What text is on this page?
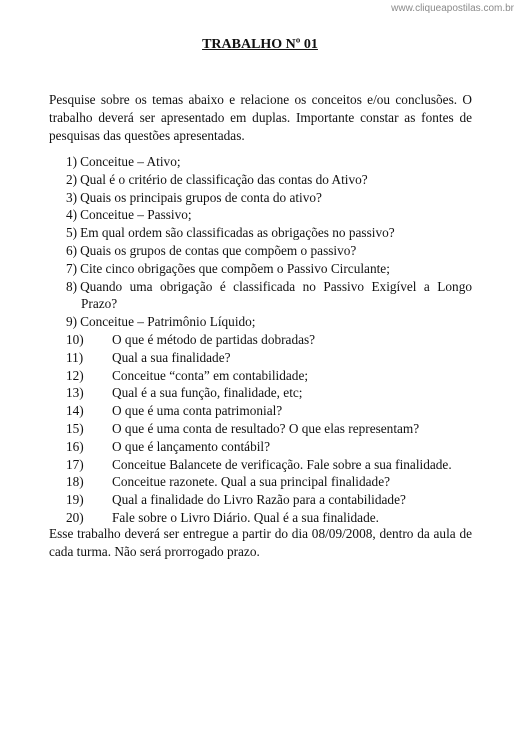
www.cliqueapostilas.com.br
TRABALHO Nº 01

Pesquise sobre os temas abaixo e relacione os conceitos e/ou conclusões. O trabalho deverá ser apresentado em duplas. Importante constar as fontes de pesquisas das questões apresentadas.

1) Conceitue – Ativo;
2) Qual é o critério de classificação das contas do Ativo?
3) Quais os principais grupos de conta do ativo?
4) Conceitue – Passivo;
5) Em qual ordem são classificadas as obrigações no passivo?
6) Quais os grupos de contas que compõem o passivo?
7) Cite cinco obrigações que compõem o Passivo Circulante;
8) Quando uma obrigação é classificada no Passivo Exigível a Longo Prazo?
9) Conceitue – Patrimônio Líquido;
10)	O que é método de partidas dobradas?
11)	Qual a sua finalidade?
12)	Conceitue “conta” em contabilidade;
13)	Qual é a sua função, finalidade, etc;
14)	O que é uma conta patrimonial?
15)	O que é uma conta de resultado? O que elas representam?
16)	O que é lançamento contábil?
17)	Conceitue Balancete de verificação. Fale sobre a sua finalidade.
18)	Conceitue razonete. Qual a sua principal finalidade?
19)	Qual a finalidade do Livro Razão para a contabilidade?
20)	Fale sobre o Livro Diário. Qual é a sua finalidade.

Esse trabalho deverá ser entregue a partir do dia 08/09/2008, dentro da aula de cada turma. Não será prorrogado prazo.
